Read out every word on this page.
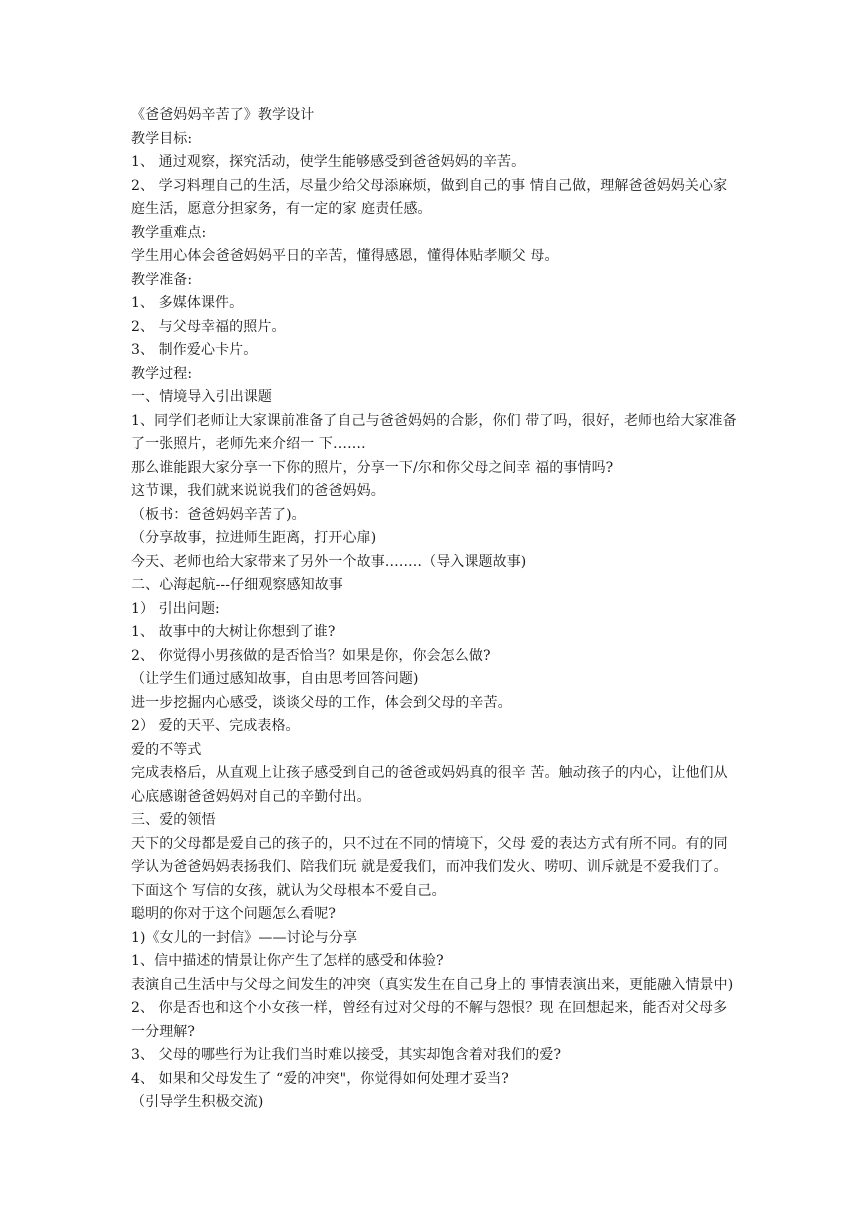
《爸爸妈妈辛苦了》教学设计
教学目标:
1、 通过观察，探究活动，使学生能够感受到爸爸妈妈的辛苦。
2、 学习料理自己的生活，尽量少给父母添麻烦，做到自己的事 情自己做，理解爸爸妈妈关心家庭生活，愿意分担家务，有一定的家 庭责任感。
教学重难点:
学生用心体会爸爸妈妈平日的辛苦，懂得感恩，懂得体贴孝顺父 母。
教学准备:
1、 多媒体课件。
2、 与父母幸福的照片。
3、 制作爱心卡片。
教学过程:
一、情境导入引出课题
1、同学们老师让大家课前准备了自己与爸爸妈妈的合影，你们 带了吗，很好，老师也给大家准备了一张照片，老师先来介绍一 下…….
那么谁能跟大家分享一下你的照片，分享一下/尔和你父母之间幸 福的事情吗?
这节课，我们就来说说我们的爸爸妈妈。
（板书：爸爸妈妈辛苦了)。
（分享故事，拉进师生距离，打开心扉)
今天、老师也给大家带来了另外一个故事…..…（导入课题故事)
二、心海起航---仔细观察感知故事
1） 引出问题:
1、 故事中的大树让你想到了谁?
2、 你觉得小男孩做的是否恰当？如果是你，你会怎么做?
（让学生们通过感知故事，自由思考回答问题)
进一步挖掘内心感受，谈谈父母的工作，体会到父母的辛苦。
2） 爱的天平、完成表格。
爱的不等式
完成表格后，从直观上让孩子感受到自己的爸爸或妈妈真的很辛 苦。触动孩子的内心，让他们从心底感谢爸爸妈妈对自己的辛勤付出。
三、爱的领悟
天下的父母都是爱自己的孩子的，只不过在不同的情境下，父母 爱的表达方式有所不同。有的同学认为爸爸妈妈表扬我们、陪我们玩 就是爱我们，而冲我们发火、唠叨、训斥就是不爱我们了。下面这个 写信的女孩，就认为父母根本不爱自己。
聪明的你对于这个问题怎么看呢?
1)《女儿的一封信》——讨论与分享
1、信中描述的情景让你产生了怎样的感受和体验?
表演自己生活中与父母之间发生的冲突（真实发生在自己身上的 事情表演出来，更能融入情景中)
2、 你是否也和这个小女孩一样，曾经有过对父母的不解与怨恨？现 在回想起来，能否对父母多一分理解?
3、 父母的哪些行为让我们当时难以接受，其实却饱含着对我们的爱?
4、 如果和父母发生了 “爱的冲突"，你觉得如何处理才妥当?
（引导学生积极交流)
